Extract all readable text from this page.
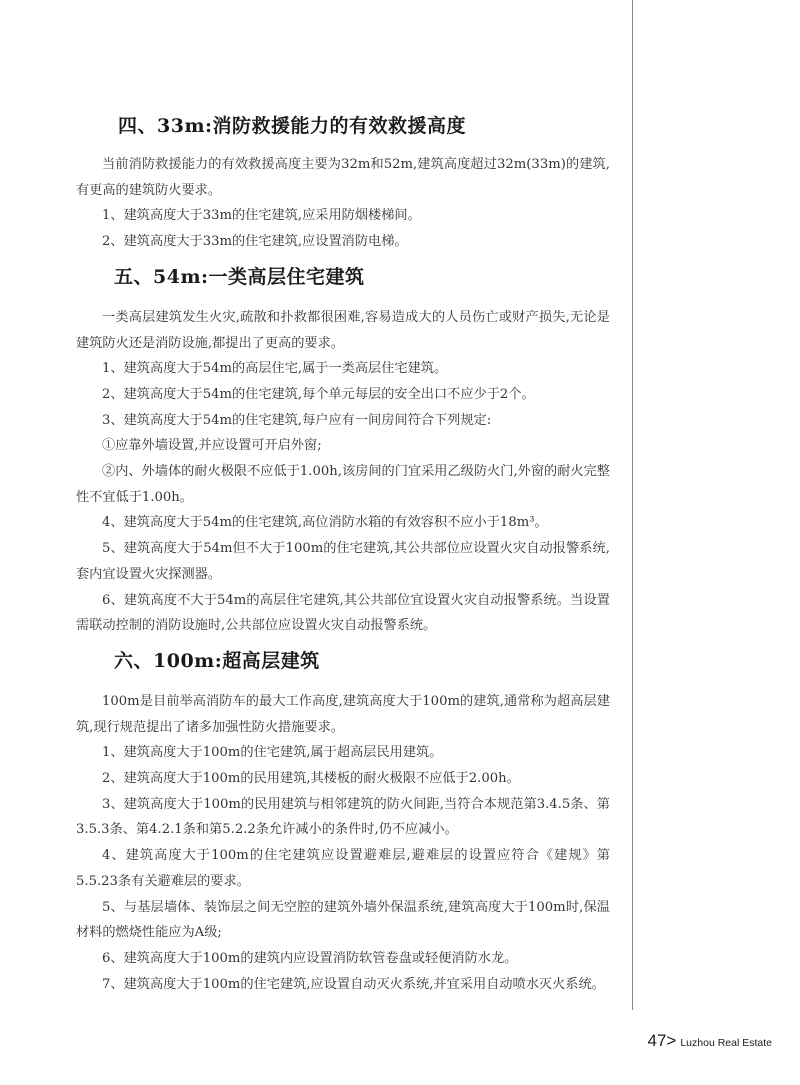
四、33m:消防救援能力的有效救援高度

当前消防救援能力的有效救援高度主要为32m和52m,建筑高度超过32m(33m)的建筑,有更高的建筑防火要求。

1、建筑高度大于33m的住宅建筑,应采用防烟楼梯间。

2、建筑高度大于33m的住宅建筑,应设置消防电梯。

五、54m:一类高层住宅建筑

一类高层建筑发生火灾,疏散和扑救都很困难,容易造成大的人员伤亡或财产损失,无论是建筑防火还是消防设施,都提出了更高的要求。

1、建筑高度大于54m的高层住宅,属于一类高层住宅建筑。

2、建筑高度大于54m的住宅建筑,每个单元每层的安全出口不应少于2个。

3、建筑高度大于54m的住宅建筑,每户应有一间房间符合下列规定:

①应靠外墙设置,并应设置可开启外窗;

②内、外墙体的耐火极限不应低于1.00h,该房间的门宜采用乙级防火门,外窗的耐火完整性不宜低于1.00h。

4、建筑高度大于54m的住宅建筑,高位消防水箱的有效容积不应小于18m³。

5、建筑高度大于54m但不大于100m的住宅建筑,其公共部位应设置火灾自动报警系统,套内宜设置火灾探测器。

6、建筑高度不大于54m的高层住宅建筑,其公共部位宜设置火灾自动报警系统。当设置需联动控制的消防设施时,公共部位应设置火灾自动报警系统。

六、100m:超高层建筑

100m是目前举高消防车的最大工作高度,建筑高度大于100m的建筑,通常称为超高层建筑,现行规范提出了诸多加强性防火措施要求。

1、建筑高度大于100m的住宅建筑,属于超高层民用建筑。

2、建筑高度大于100m的民用建筑,其楼板的耐火极限不应低于2.00h。

3、建筑高度大于100m的民用建筑与相邻建筑的防火间距,当符合本规范第3.4.5条、第3.5.3条、第4.2.1条和第5.2.2条允许减小的条件时,仍不应减小。

4、建筑高度大于100m的住宅建筑应设置避难层,避难层的设置应符合《建规》第5.5.23条有关避难层的要求。

5、与基层墙体、装饰层之间无空腔的建筑外墙外保温系统,建筑高度大于100m时,保温材料的燃烧性能应为A级;

6、建筑高度大于100m的建筑内应设置消防软管卷盘或轻便消防水龙。

7、建筑高度大于100m的住宅建筑,应设置自动灭火系统,并宜采用自动喷水灭火系统。

47> Luzhou Real Estate
